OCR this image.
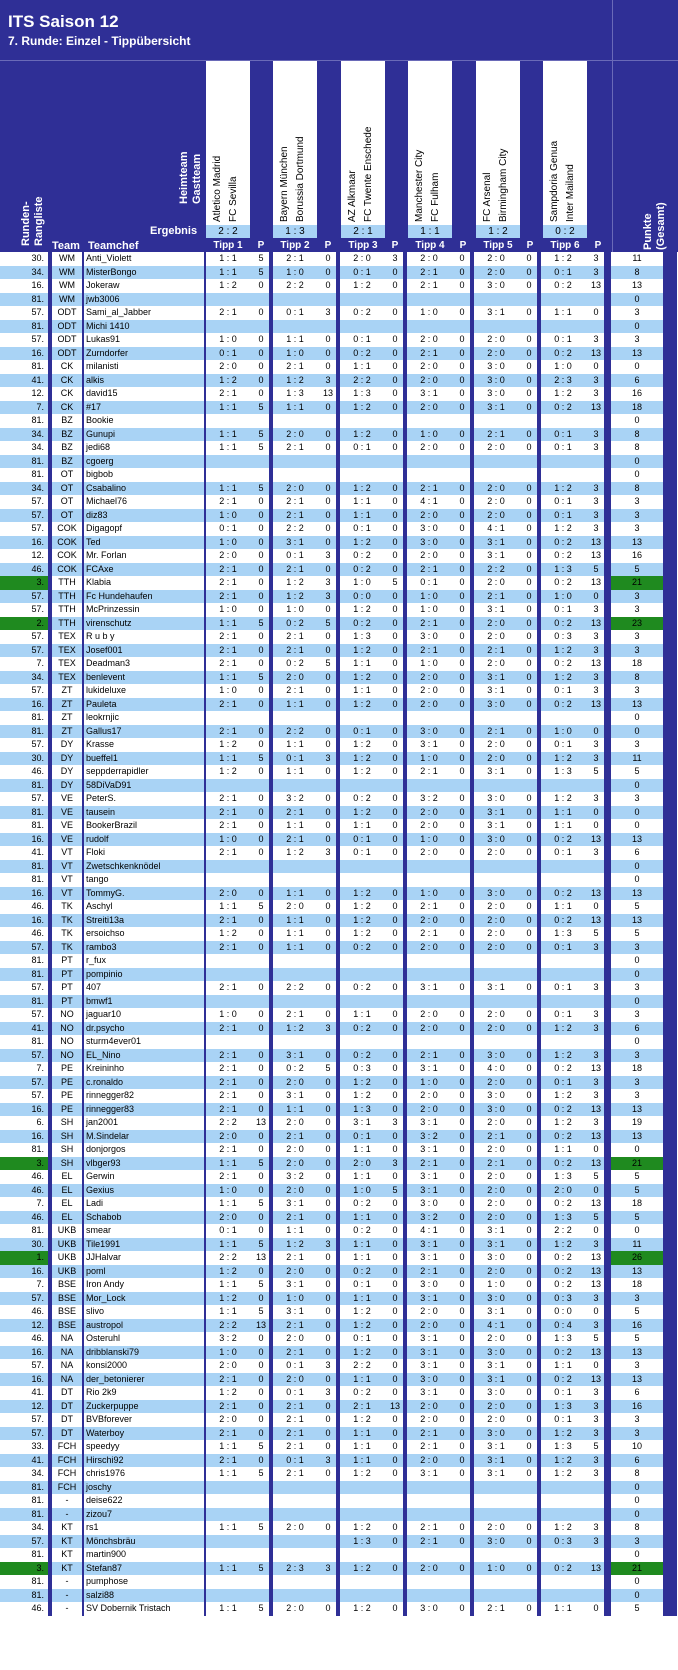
ITS Saison 12
7. Runde: Einzel - Tippübersicht
Runden-
Rangliste
Heimteam Gastteam
Ergebnis
Team Teamchef	Punkte
(Gesamt)
Atletico Madrid FC Sevilla	Bayern München Borussia Dortmund	AZ Alkmaar FC Twente Enschede	Manchester City FC Fulham	FC Arsenal Birmingham City	Sampdoria Genua Inter Mailand
2 : 2	1 : 3	2 : 1	1 : 1	1 : 2	0 : 2
Tipp 1	P	Tipp 2	P	Tipp 3	P	Tipp 4	P	Tipp 5	P	Tipp 6	P
30.		WM		Anti_Violett		1 : 1		5		2 : 1		0		2 : 0		3		2 : 0		0		2 : 0		0		1 : 2		3		11	
34.		WM		MisterBongo		1 : 1		5		1 : 0		0		0 : 1		0		2 : 1		0		2 : 0		0		0 : 1		3		8	
16.		WM		Jokeraw		1 : 2		0		2 : 2		0		1 : 2		0		2 : 1		0		3 : 0		0		0 : 2		13		13	
81.		WM		jwb3006																										0	
57.		ODT		Sami_al_Jabber		2 : 1		0		0 : 1		3		0 : 2		0		1 : 0		0		3 : 1		0		1 : 1		0		3	
81.		ODT		Michi 1410																										0	
57.		ODT		Lukas91		1 : 0		0		1 : 1		0		0 : 1		0		2 : 0		0		2 : 0		0		0 : 1		3		3	
16.		ODT		Zurndorfer		0 : 1		0		1 : 0		0		0 : 2		0		2 : 1		0		2 : 0		0		0 : 2		13		13	
81.		CK		milanisti		2 : 0		0		2 : 1		0		1 : 1		0		2 : 0		0		3 : 0		0		1 : 0		0		0	
41.		CK		alkis		1 : 2		0		1 : 2		3		2 : 2		0		2 : 0		0		3 : 0		0		2 : 3		3		6	
12.		CK		david15		2 : 1		0		1 : 3		13		1 : 3		0		3 : 1		0		3 : 0		0		1 : 2		3		16	
7.		CK		#17		1 : 1		5		1 : 1		0		1 : 2		0		2 : 0		0		3 : 1		0		0 : 2		13		18	
81.		BZ		Bookie																										0	
34.		BZ		Gunupi		1 : 1		5		2 : 0		0		1 : 2		0		1 : 0		0		2 : 1		0		0 : 1		3		8	
34.		BZ		jedi68		1 : 1		5		2 : 1		0		0 : 1		0		2 : 0		0		2 : 0		0		0 : 1		3		8	
81.		BZ		cgoerg																										0	
81.		OT		bigbob																										0	
34.		OT		Csabalino		1 : 1		5		2 : 0		0		1 : 2		0		2 : 1		0		2 : 0		0		1 : 2		3		8	
57.		OT		Michael76		2 : 1		0		2 : 1		0		1 : 1		0		4 : 1		0		2 : 0		0		0 : 1		3		3	
57.		OT		diz83		1 : 0		0		2 : 1		0		1 : 1		0		2 : 0		0		2 : 0		0		0 : 1		3		3	
57.		COK		Digagopf		0 : 1		0		2 : 2		0		0 : 1		0		3 : 0		0		4 : 1		0		1 : 2		3		3	
16.		COK		Ted		1 : 0		0		3 : 1		0		1 : 2		0		3 : 0		0		3 : 1		0		0 : 2		13		13	
12.		COK		Mr. Forlan		2 : 0		0		0 : 1		3		0 : 2		0		2 : 0		0		3 : 1		0		0 : 2		13		16	
46.		COK		FCAxe		2 : 1		0		2 : 1		0		0 : 2		0		2 : 1		0		2 : 2		0		1 : 3		5		5	
3.		TTH		Klabia		2 : 1		0		1 : 2		3		1 : 0		5		0 : 1		0		2 : 0		0		0 : 2		13		21	
57.		TTH		Fc Hundehaufen		2 : 1		0		1 : 2		3		0 : 0		0		1 : 0		0		2 : 1		0		1 : 0		0		3	
57.		TTH		McPrinzessin		1 : 0		0		1 : 0		0		1 : 2		0		1 : 0		0		3 : 1		0		0 : 1		3		3	
2.		TTH		virenschutz		1 : 1		5		0 : 2		5		0 : 2		0		2 : 1		0		2 : 0		0		0 : 2		13		23	
57.		TEX		R u b y		2 : 1		0		2 : 1		0		1 : 3		0		3 : 0		0		2 : 0		0		0 : 3		3		3	
57.		TEX		Josef001		2 : 1		0		2 : 1		0		1 : 2		0		2 : 1		0		2 : 1		0		1 : 2		3		3	
7.		TEX		Deadman3		2 : 1		0		0 : 2		5		1 : 1		0		1 : 0		0		2 : 0		0		0 : 2		13		18	
34.		TEX		benlevent		1 : 1		5		2 : 0		0		1 : 2		0		2 : 0		0		3 : 1		0		1 : 2		3		8	
57.		ZT		lukideluxe		1 : 0		0		2 : 1		0		1 : 1		0		2 : 0		0		3 : 1		0		0 : 1		3		3	
16.		ZT		Pauleta		2 : 1		0		1 : 1		0		1 : 2		0		2 : 0		0		3 : 0		0		0 : 2		13		13	
81.		ZT		leokrnjic																										0	
81.		ZT		Gallus17		2 : 1		0		2 : 2		0		0 : 1		0		3 : 0		0		2 : 1		0		1 : 0		0		0	
57.		DY		Krasse		1 : 2		0		1 : 1		0		1 : 2		0		3 : 1		0		2 : 0		0		0 : 1		3		3	
30.		DY		bueffel1		1 : 1		5		0 : 1		3		1 : 2		0		1 : 0		0		2 : 0		0		1 : 2		3		11	
46.		DY		seppderrapidler		1 : 2		0		1 : 1		0		1 : 2		0		2 : 1		0		3 : 1		0		1 : 3		5		5	
81.		DY		58DiVaD91																										0	
57.		VE		PeterS.		2 : 1		0		3 : 2		0		0 : 2		0		3 : 2		0		3 : 0		0		1 : 2		3		3	
81.		VE		tausein		2 : 1		0		2 : 1		0		1 : 2		0		2 : 0		0		3 : 1		0		1 : 1		0		0	
81.		VE		BookerBrazil		2 : 1		0		1 : 1		0		1 : 1		0		2 : 0		0		3 : 1		0		1 : 1		0		0	
16.		VE		rudolf		1 : 0		0		2 : 1		0		0 : 1		0		1 : 0		0		3 : 0		0		0 : 2		13		13	
41.		VT		Floki		2 : 1		0		1 : 2		3		0 : 1		0		2 : 0		0		2 : 0		0		0 : 1		3		6	
81.		VT		Zwetschkenknödel																										0	
81.		VT		tango																										0	
16.		VT		TommyG.		2 : 0		0		1 : 1		0		1 : 2		0		1 : 0		0		3 : 0		0		0 : 2		13		13	
46.		TK		Aschyl		1 : 1		5		2 : 0		0		1 : 2		0		2 : 1		0		2 : 0		0		1 : 1		0		5	
16.		TK		Streiti13a		2 : 1		0		1 : 1		0		1 : 2		0		2 : 0		0		2 : 0		0		0 : 2		13		13	
46.		TK		ersoichso		1 : 2		0		1 : 1		0		1 : 2		0		2 : 1		0		2 : 0		0		1 : 3		5		5	
57.		TK		rambo3		2 : 1		0		1 : 1		0		0 : 2		0		2 : 0		0		2 : 0		0		0 : 1		3		3	
81.		PT		r_fux																										0	
81.		PT		pompinio																										0	
57.		PT		407		2 : 1		0		2 : 2		0		0 : 2		0		3 : 1		0		3 : 1		0		0 : 1		3		3	
81.		PT		bmwf1																										0	
57.		NO		jaguar10		1 : 0		0		2 : 1		0		1 : 1		0		2 : 0		0		2 : 0		0		0 : 1		3		3	
41.		NO		dr.psycho		2 : 1		0		1 : 2		3		0 : 2		0		2 : 0		0		2 : 0		0		1 : 2		3		6	
81.		NO		sturm4ever01																										0	
57.		NO		EL_Nino		2 : 1		0		3 : 1		0		0 : 2		0		2 : 1		0		3 : 0		0		1 : 2		3		3	
7.		PE		Kreininho		2 : 1		0		0 : 2		5		0 : 3		0		3 : 1		0		4 : 0		0		0 : 2		13		18	
57.		PE		c.ronaldo		2 : 1		0		2 : 0		0		1 : 2		0		1 : 0		0		2 : 0		0		0 : 1		3		3	
57.		PE		rinnegger82		2 : 1		0		3 : 1		0		1 : 2		0		2 : 0		0		3 : 0		0		1 : 2		3		3	
16.		PE		rinnegger83		2 : 1		0		1 : 1		0		1 : 3		0		2 : 0		0		3 : 0		0		0 : 2		13		13	
6.		SH		jan2001		2 : 2		13		2 : 0		0		3 : 1		3		3 : 1		0		2 : 0		0		1 : 2		3		19	
16.		SH		M.Sindelar		2 : 0		0		2 : 1		0		0 : 1		0		3 : 2		0		2 : 1		0		0 : 2		13		13	
81.		SH		donjorgos		2 : 1		0		2 : 0		0		1 : 1		0		3 : 1		0		2 : 0		0		1 : 1		0		0	
3.		SH		vlbger93		1 : 1		5		2 : 0		0		2 : 0		3		2 : 1		0		2 : 1		0		0 : 2		13		21	
46.		EL		Gerwin		2 : 1		0		3 : 2		0		1 : 1		0		3 : 1		0		2 : 0		0		1 : 3		5		5	
46.		EL		Gexius		1 : 0		0		2 : 0		0		1 : 0		5		3 : 1		0		2 : 0		0		2 : 0		0		5	
7.		EL		Ladi		1 : 1		5		3 : 1		0		0 : 2		0		3 : 0		0		2 : 0		0		0 : 2		13		18	
46.		EL		Schabob		2 : 0		0		2 : 1		0		1 : 1		0		3 : 2		0		2 : 0		0		1 : 3		5		5	
81.		UKB		smear		0 : 1		0		1 : 1		0		0 : 2		0		4 : 1		0		3 : 1		0		2 : 2		0		0	
30.		UKB		Tile1991		1 : 1		5		1 : 2		3		1 : 1		0		3 : 1		0		3 : 1		0		1 : 2		3		11	
1.		UKB		JJHalvar		2 : 2		13		2 : 1		0		1 : 1		0		3 : 1		0		3 : 0		0		0 : 2		13		26	
16.		UKB		poml		1 : 2		0		2 : 0		0		0 : 2		0		2 : 1		0		2 : 0		0		0 : 2		13		13	
7.		BSE		Iron Andy		1 : 1		5		3 : 1		0		0 : 1		0		3 : 0		0		1 : 0		0		0 : 2		13		18	
57.		BSE		Mor_Lock		1 : 2		0		1 : 0		0		1 : 1		0		3 : 1		0		3 : 0		0		0 : 3		3		3	
46.		BSE		slivo		1 : 1		5		3 : 1		0		1 : 2		0		2 : 0		0		3 : 1		0		0 : 0		0		5	
12.		BSE		austropol		2 : 2		13		2 : 1		0		1 : 2		0		2 : 0		0		4 : 1		0		0 : 4		3		16	
46.		NA		Osteruhl		3 : 2		0		2 : 0		0		0 : 1		0		3 : 1		0		2 : 0		0		1 : 3		5		5	
16.		NA		dribblanski79		1 : 0		0		2 : 1		0		1 : 2		0		3 : 1		0		3 : 0		0		0 : 2		13		13	
57.		NA		konsi2000		2 : 0		0		0 : 1		3		2 : 2		0		3 : 1		0		3 : 1		0		1 : 1		0		3	
16.		NA		der_betonierer		2 : 1		0		2 : 0		0		1 : 1		0		3 : 0		0		3 : 1		0		0 : 2		13		13	
41.		DT		Rio 2k9		1 : 2		0		0 : 1		3		0 : 2		0		3 : 1		0		3 : 0		0		0 : 1		3		6	
12.		DT		Zuckerpuppe		2 : 1		0		2 : 1		0		2 : 1		13		2 : 0		0		2 : 0		0		1 : 3		3		16	
57.		DT		BVBforever		2 : 0		0		2 : 1		0		1 : 2		0		2 : 0		0		2 : 0		0		0 : 1		3		3	
57.		DT		Waterboy		2 : 1		0		2 : 1		0		1 : 1		0		2 : 1		0		3 : 0		0		1 : 2		3		3	
33.		FCH		speedyy		1 : 1		5		2 : 1		0		1 : 1		0		2 : 1		0		3 : 1		0		1 : 3		5		10	
41.		FCH		Hirschi92		2 : 1		0		0 : 1		3		1 : 1		0		2 : 0		0		3 : 1		0		1 : 2		3		6	
34.		FCH		chris1976		1 : 1		5		2 : 1		0		1 : 2		0		3 : 1		0		3 : 1		0		1 : 2		3		8	
81.		FCH		joschy																										0	
81.		-		deise622																										0	
81.		-		zizou7																										0	
34.		KT		rs1		1 : 1		5		2 : 0		0		1 : 2		0		2 : 1		0		2 : 0		0		1 : 2		3		8	
57.		KT		Mönchsbräu										1 : 3		0		2 : 1		0		3 : 0		0		0 : 3		3		3	
81.		KT		martin900																										0	
3.		KT		Stefan87		1 : 1		5		2 : 3		3		1 : 2		0		2 : 0		0		1 : 0		0		0 : 2		13		21	
81.		-		pumphose																										0	
81.		-		salzi88																										0	
46.		-		SV Dobernik Tristach		1 : 1		5		2 : 0		0		1 : 2		0		3 : 0		0		2 : 1		0		1 : 1		0		5	
